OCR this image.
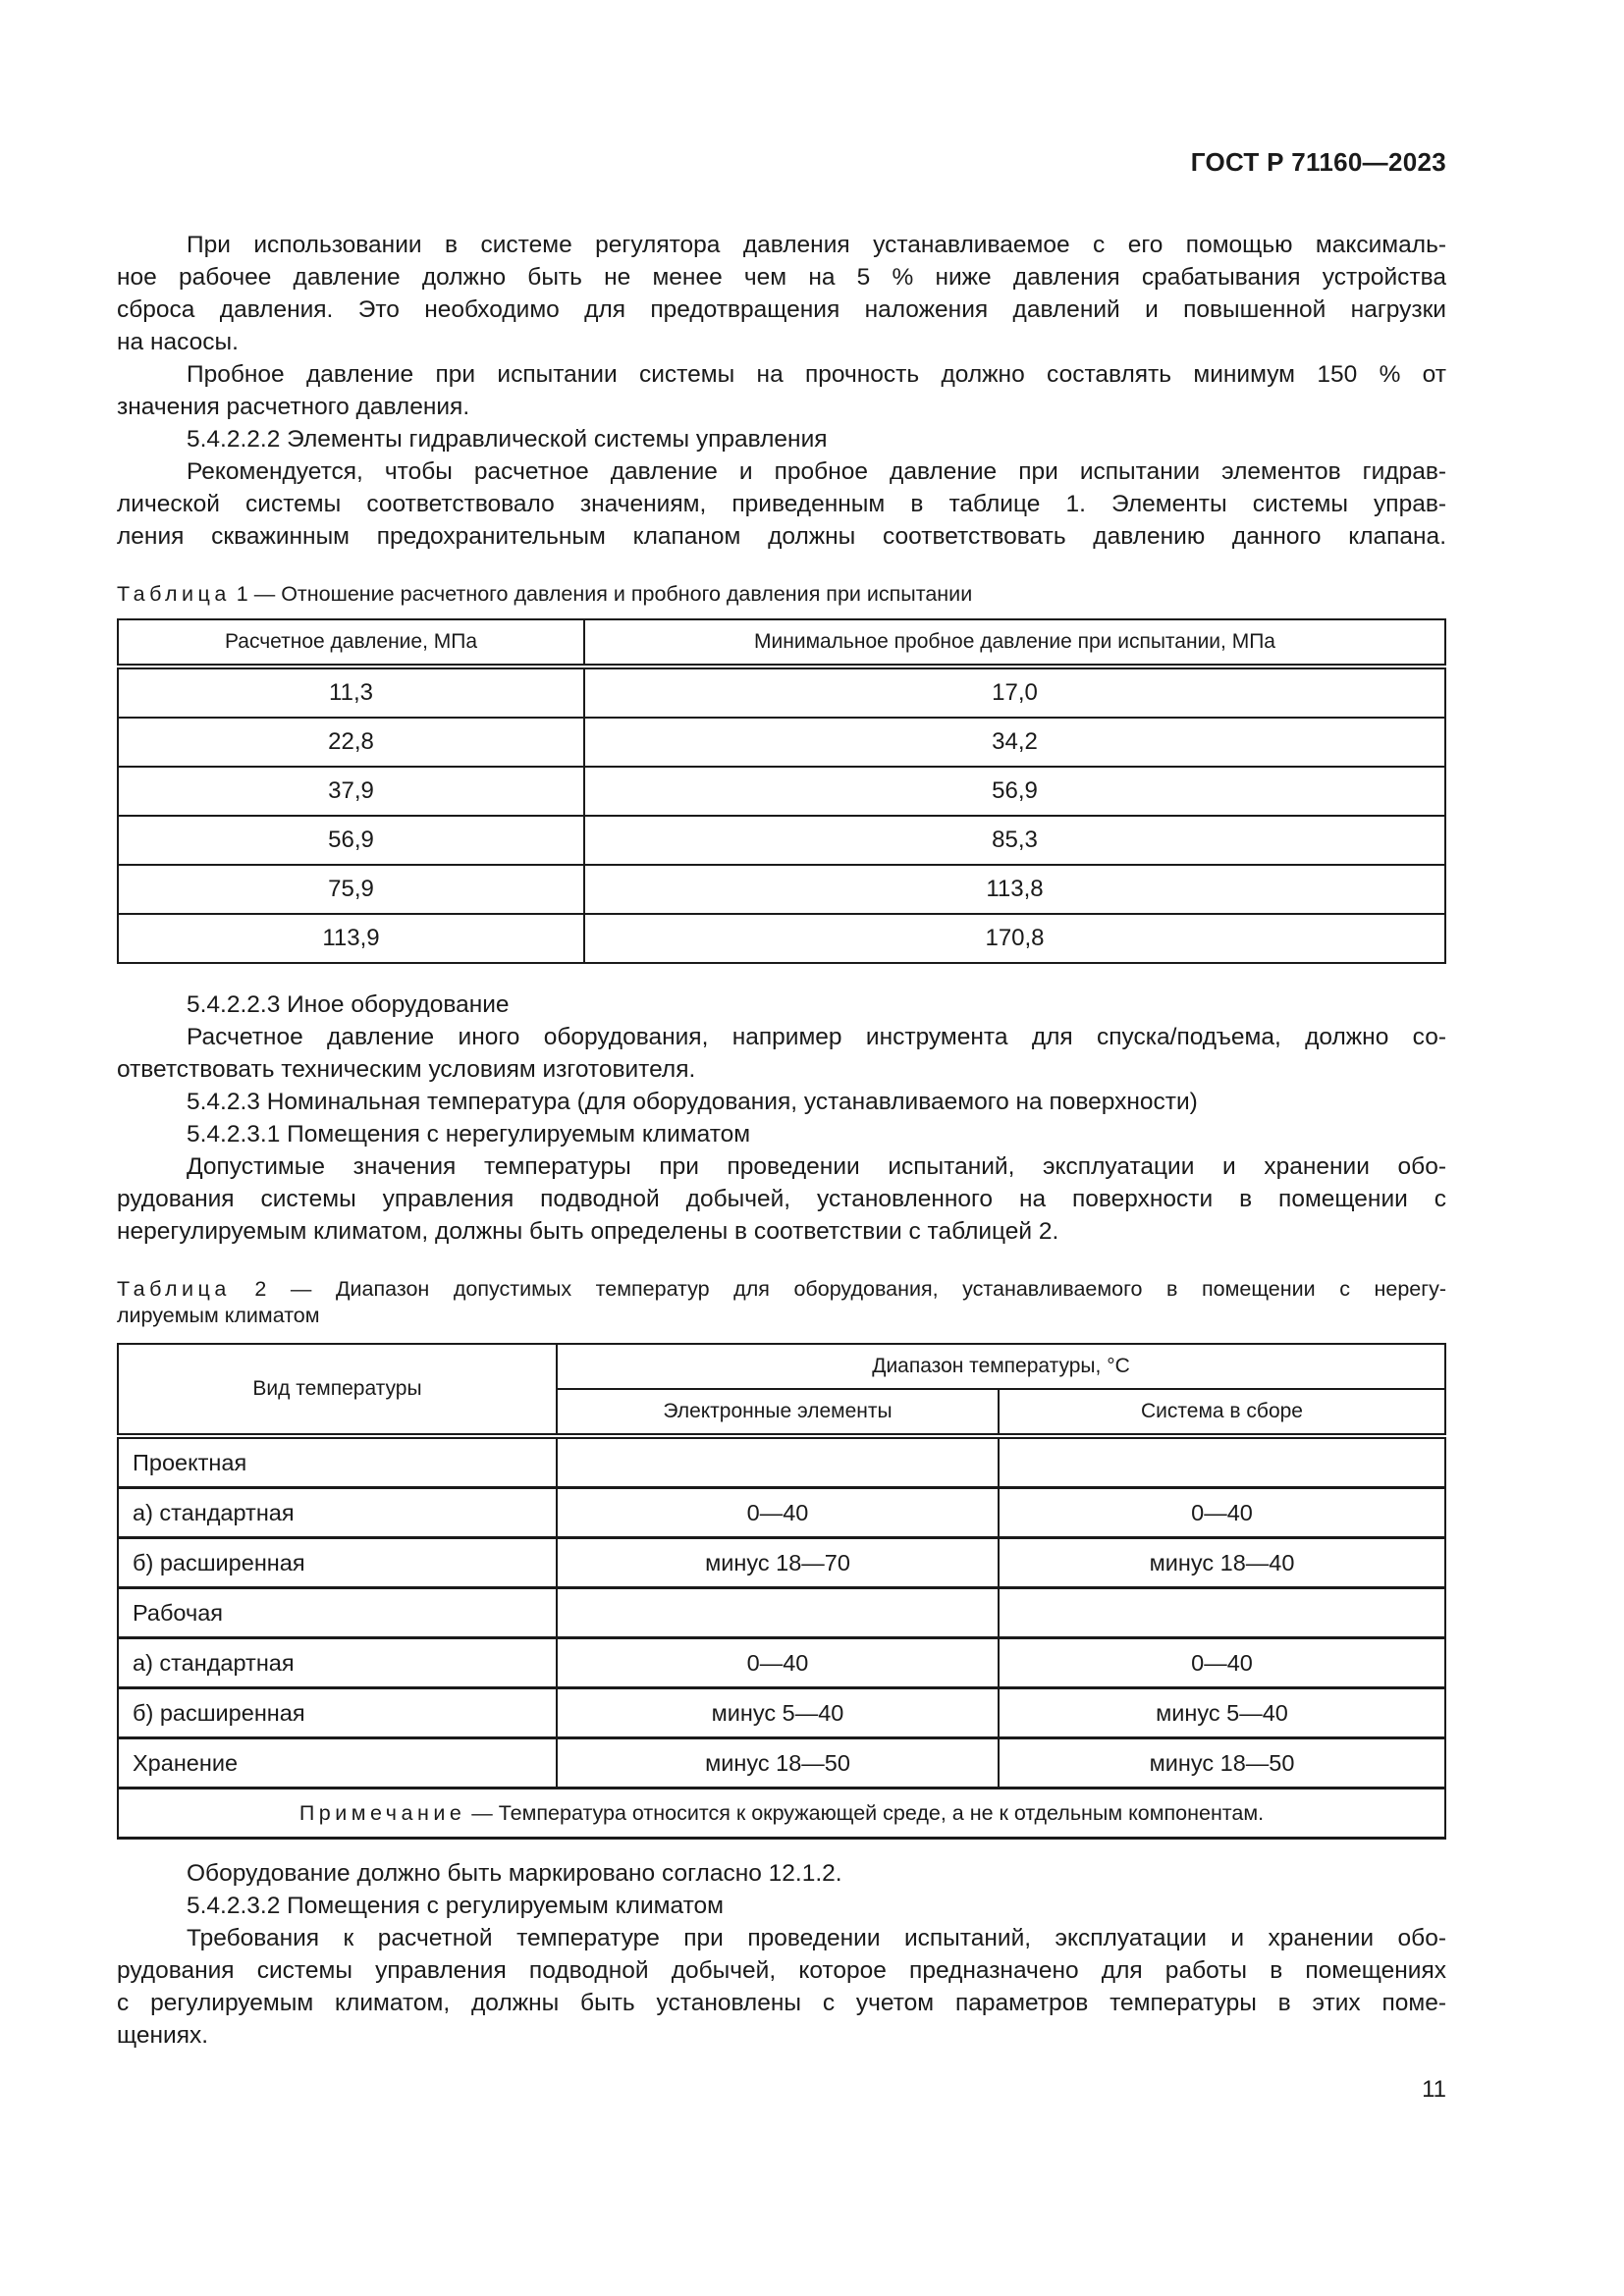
ГОСТ Р 71160—2023
При использовании в системе регулятора давления устанавливаемое с его помощью максималь-
ное рабочее давление должно быть не менее чем на 5 % ниже давления срабатывания устройства
сброса давления. Это необходимо для предотвращения наложения давлений и повышенной нагрузки
на насосы.
Пробное давление при испытании системы на прочность должно составлять минимум 150 % от
значения расчетного давления.
5.4.2.2.2 Элементы гидравлической системы управления
Рекомендуется, чтобы расчетное давление и пробное давление при испытании элементов гидрав-
лической системы соответствовало значениям, приведенным в таблице 1. Элементы системы управ-
ления скважинным предохранительным клапаном должны соответствовать давлению данного клапана.
Таблица 1 — Отношение расчетного давления и пробного давления при испытании
Расчетное давление, МПа	Минимальное пробное давление при испытании, МПа
11,3	17,0
22,8	34,2
37,9	56,9
56,9	85,3
75,9	113,8
113,9	170,8
5.4.2.2.3 Иное оборудование
Расчетное давление иного оборудования, например инструмента для спуска/подъема, должно со-
ответствовать техническим условиям изготовителя.
5.4.2.3 Номинальная температура (для оборудования, устанавливаемого на поверхности)
5.4.2.3.1 Помещения с нерегулируемым климатом
Допустимые значения температуры при проведении испытаний, эксплуатации и хранении обо-
рудования системы управления подводной добычей, установленного на поверхности в помещении с
нерегулируемым климатом, должны быть определены в соответствии с таблицей 2.
Таблица 2 — Диапазон допустимых температур для оборудования, устанавливаемого в помещении с нерегу-
лируемым климатом
Вид температуры	Диапазон температуры, °С	
	Электронные элементы	Система в сборе
Проектная		
а) стандартная	0—40	0—40
б) расширенная	минус 18—70	минус 18—40
Рабочая		
а) стандартная	0—40	0—40
б) расширенная	минус 5—40	минус 5—40
Хранение	минус 18—50	минус 18—50
Примечание — Температура относится к окружающей среде, а не к отдельным компонентам.		
Оборудование должно быть маркировано согласно 12.1.2.
5.4.2.3.2 Помещения с регулируемым климатом
Требования к расчетной температуре при проведении испытаний, эксплуатации и хранении обо-
рудования системы управления подводной добычей, которое предназначено для работы в помещениях
с регулируемым климатом, должны быть установлены с учетом параметров температуры в этих поме-
щениях.
11
